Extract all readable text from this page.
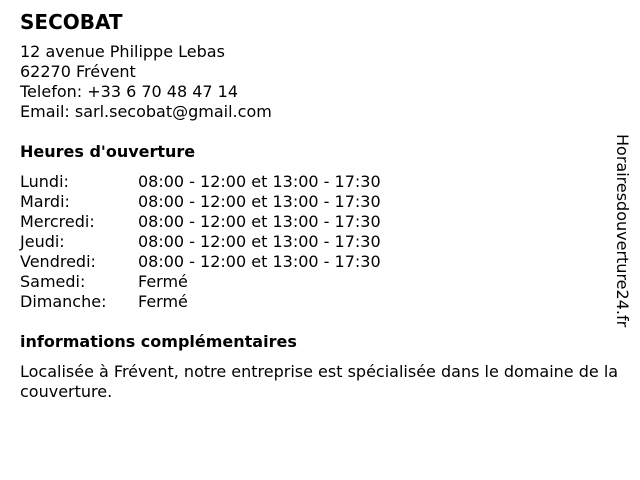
SECOBAT
12 avenue Philippe Lebas
62270 Frévent
Telefon: +33 6 70 48 47 14
Email: sarl.secobat@gmail.com
Heures d'ouverture
Lundi:	08:00 - 12:00 et 13:00 - 17:30
Mardi:	08:00 - 12:00 et 13:00 - 17:30
Mercredi:	08:00 - 12:00 et 13:00 - 17:30
Jeudi:	08:00 - 12:00 et 13:00 - 17:30
Vendredi:	08:00 - 12:00 et 13:00 - 17:30
Samedi:	Fermé
Dimanche:	Fermé
informations complémentaires
Localisée à Frévent, notre entreprise est spécialisée dans le domaine de la couverture.
Horairesdouverture24.fr
